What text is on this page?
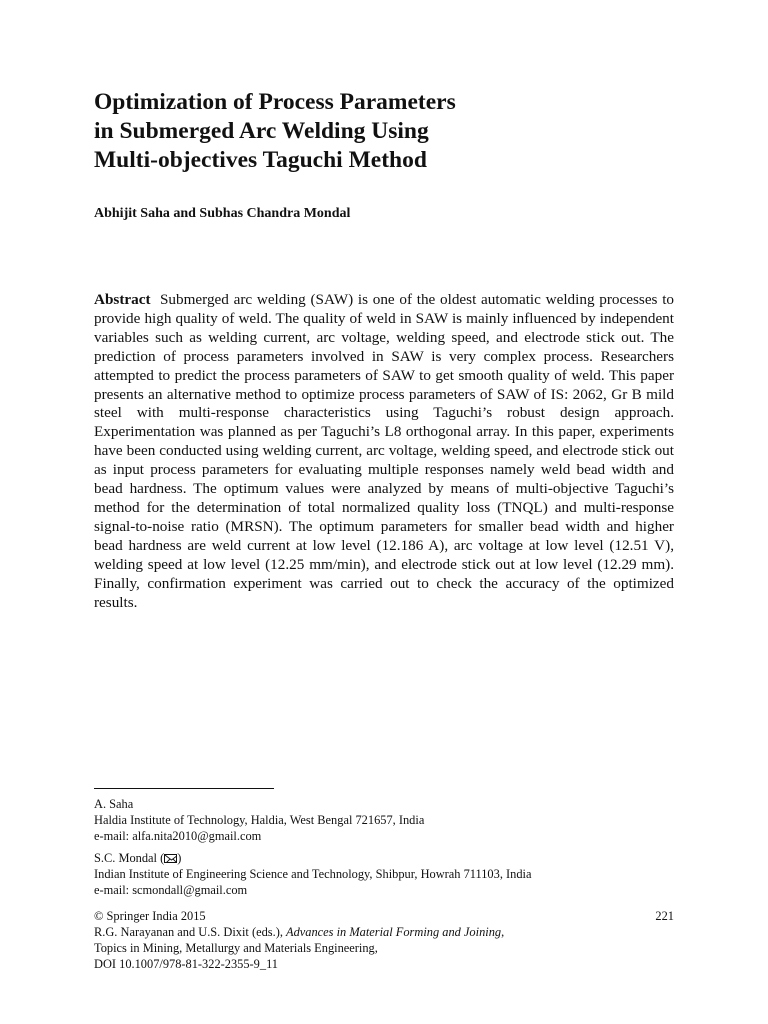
Optimization of Process Parameters
in Submerged Arc Welding Using
Multi-objectives Taguchi Method
Abhijit Saha and Subhas Chandra Mondal

Abstract Submerged arc welding (SAW) is one of the oldest automatic welding processes to provide high quality of weld. The quality of weld in SAW is mainly influenced by independent variables such as welding current, arc voltage, welding speed, and electrode stick out. The prediction of process parameters involved in SAW is very complex process. Researchers attempted to predict the process parameters of SAW to get smooth quality of weld. This paper presents an alternative method to optimize process parameters of SAW of IS: 2062, Gr B mild steel with multi-response characteristics using Taguchi’s robust design approach. Experimentation was planned as per Taguchi’s L8 orthogonal array. In this paper, experiments have been conducted using welding current, arc voltage, welding speed, and electrode stick out as input process parameters for evaluating multiple responses namely weld bead width and bead hardness. The optimum values were analyzed by means of multi-objective Taguchi’s method for the determination of total normalized quality loss (TNQL) and multi-response signal-to-noise ratio (MRSN). The optimum parameters for smaller bead width and higher bead hardness are weld current at low level (12.186 A), arc voltage at low level (12.51 V), welding speed at low level (12.25 mm/min), and electrode stick out at low level (12.29 mm). Finally, confirmation experiment was carried out to check the accuracy of the optimized results.

A. Saha
Haldia Institute of Technology, Haldia, West Bengal 721657, India
e-mail: alfa.nita2010@gmail.com
S.C. Mondal ( )
Indian Institute of Engineering Science and Technology, Shibpur, Howrah 711103, India
e-mail: scmondall@gmail.com
© Springer India 2015	221
R.G. Narayanan and U.S. Dixit (eds.), Advances in Material Forming and Joining,
Topics in Mining, Metallurgy and Materials Engineering,
DOI 10.1007/978-81-322-2355-9_11
